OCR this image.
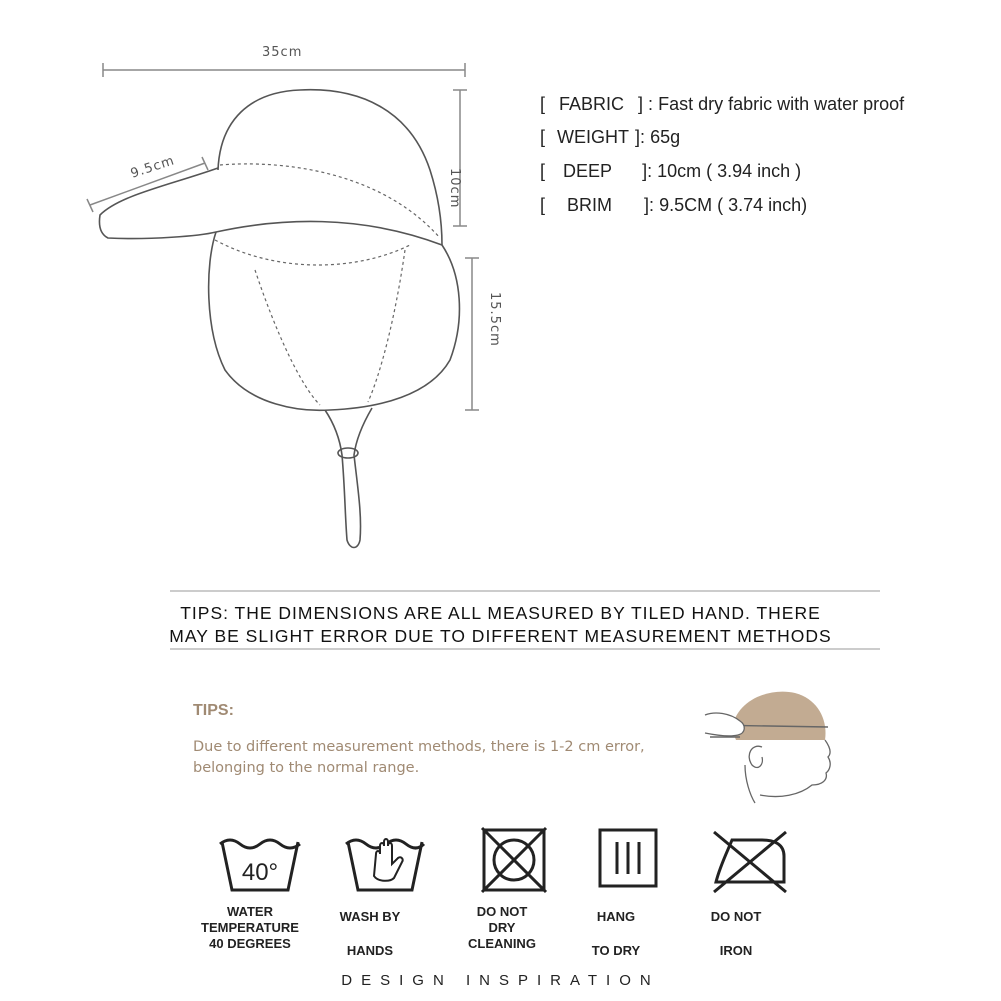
35cm
9.5cm
10cm
15.5cm

[ FABRIC ] : Fast dry fabric with water proof

[ WEIGHT ]: 65g

[ DEEP ]: 10cm ( 3.94 inch )

[ BRIM ]: 9.5CM ( 3.74 inch)

TIPS: THE DIMENSIONS ARE ALL MEASURED BY TILED HAND. THERE
MAY BE SLIGHT ERROR DUE TO DIFFERENT MEASUREMENT METHODS
TIPS:
Due to different measurement methods, there is 1-2 cm error,
belonging to the normal range.
40°
WATER
TEMPERATURE
40 DEGREES
WASH BY
HANDS
DO NOT
DRY
CLEANING
HANG
TO DRY
DO NOT
IRON
DESIGN INSPIRATION
